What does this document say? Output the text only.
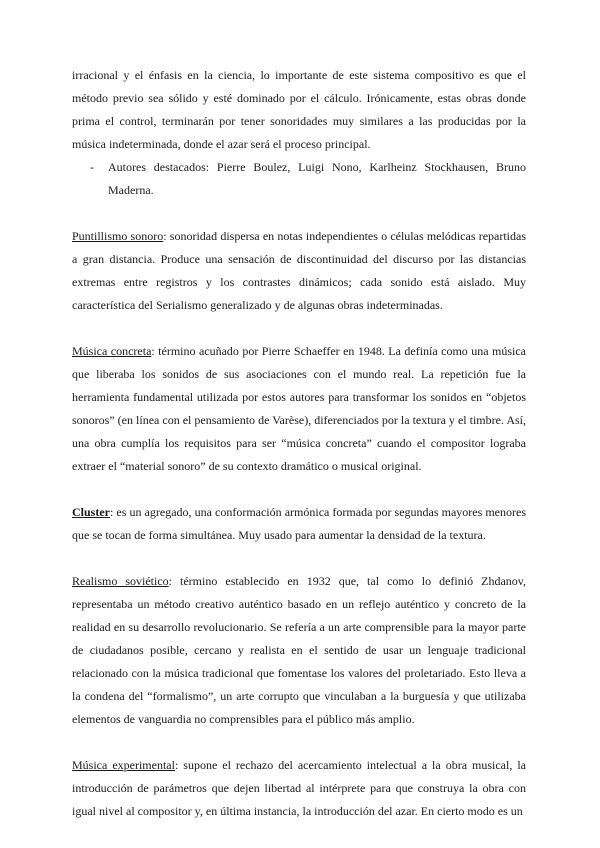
irracional y el énfasis en la ciencia, lo importante de este sistema compositivo es que el método previo sea sólido y esté dominado por el cálculo. Irónicamente, estas obras donde prima el control, terminarán por tener sonoridades muy similares a las producidas por la música indeterminada, donde el azar será el proceso principal.

- Autores destacados: Pierre Boulez, Luigi Nono, Karlheinz Stockhausen, Bruno Maderna.

Puntillismo sonoro: sonoridad dispersa en notas independientes o células melódicas repartidas a gran distancia. Produce una sensación de discontinuidad del discurso por las distancias extremas entre registros y los contrastes dinámicos; cada sonido está aislado. Muy característica del Serialismo generalizado y de algunas obras indeterminadas.

Música concreta: término acuñado por Pierre Schaeffer en 1948. La definía como una música que liberaba los sonidos de sus asociaciones con el mundo real. La repetición fue la herramienta fundamental utilizada por estos autores para transformar los sonidos en “objetos sonoros” (en línea con el pensamiento de Varèse), diferenciados por la textura y el timbre. Así, una obra cumplía los requisitos para ser “música concreta” cuando el compositor lograba extraer el “material sonoro” de su contexto dramático o musical original.

Cluster: es un agregado, una conformación armónica formada por segundas mayores menores que se tocan de forma simultánea. Muy usado para aumentar la densidad de la textura.

Realismo soviético: término establecido en 1932 que, tal como lo definió Zhdanov, representaba un método creativo auténtico basado en un reflejo auténtico y concreto de la realidad en su desarrollo revolucionario. Se refería a un arte comprensible para la mayor parte de ciudadanos posible, cercano y realista en el sentido de usar un lenguaje tradicional relacionado con la música tradicional que fomentase los valores del proletariado. Esto lleva a la condena del “formalismo”, un arte corrupto que vinculaban a la burguesía y que utilizaba elementos de vanguardia no comprensibles para el público más amplio.

Música experimental: supone el rechazo del acercamiento intelectual a la obra musical, la introducción de parámetros que dejen libertad al intérprete para que construya la obra con igual nivel al compositor y, en última instancia, la introducción del azar. En cierto modo es un
